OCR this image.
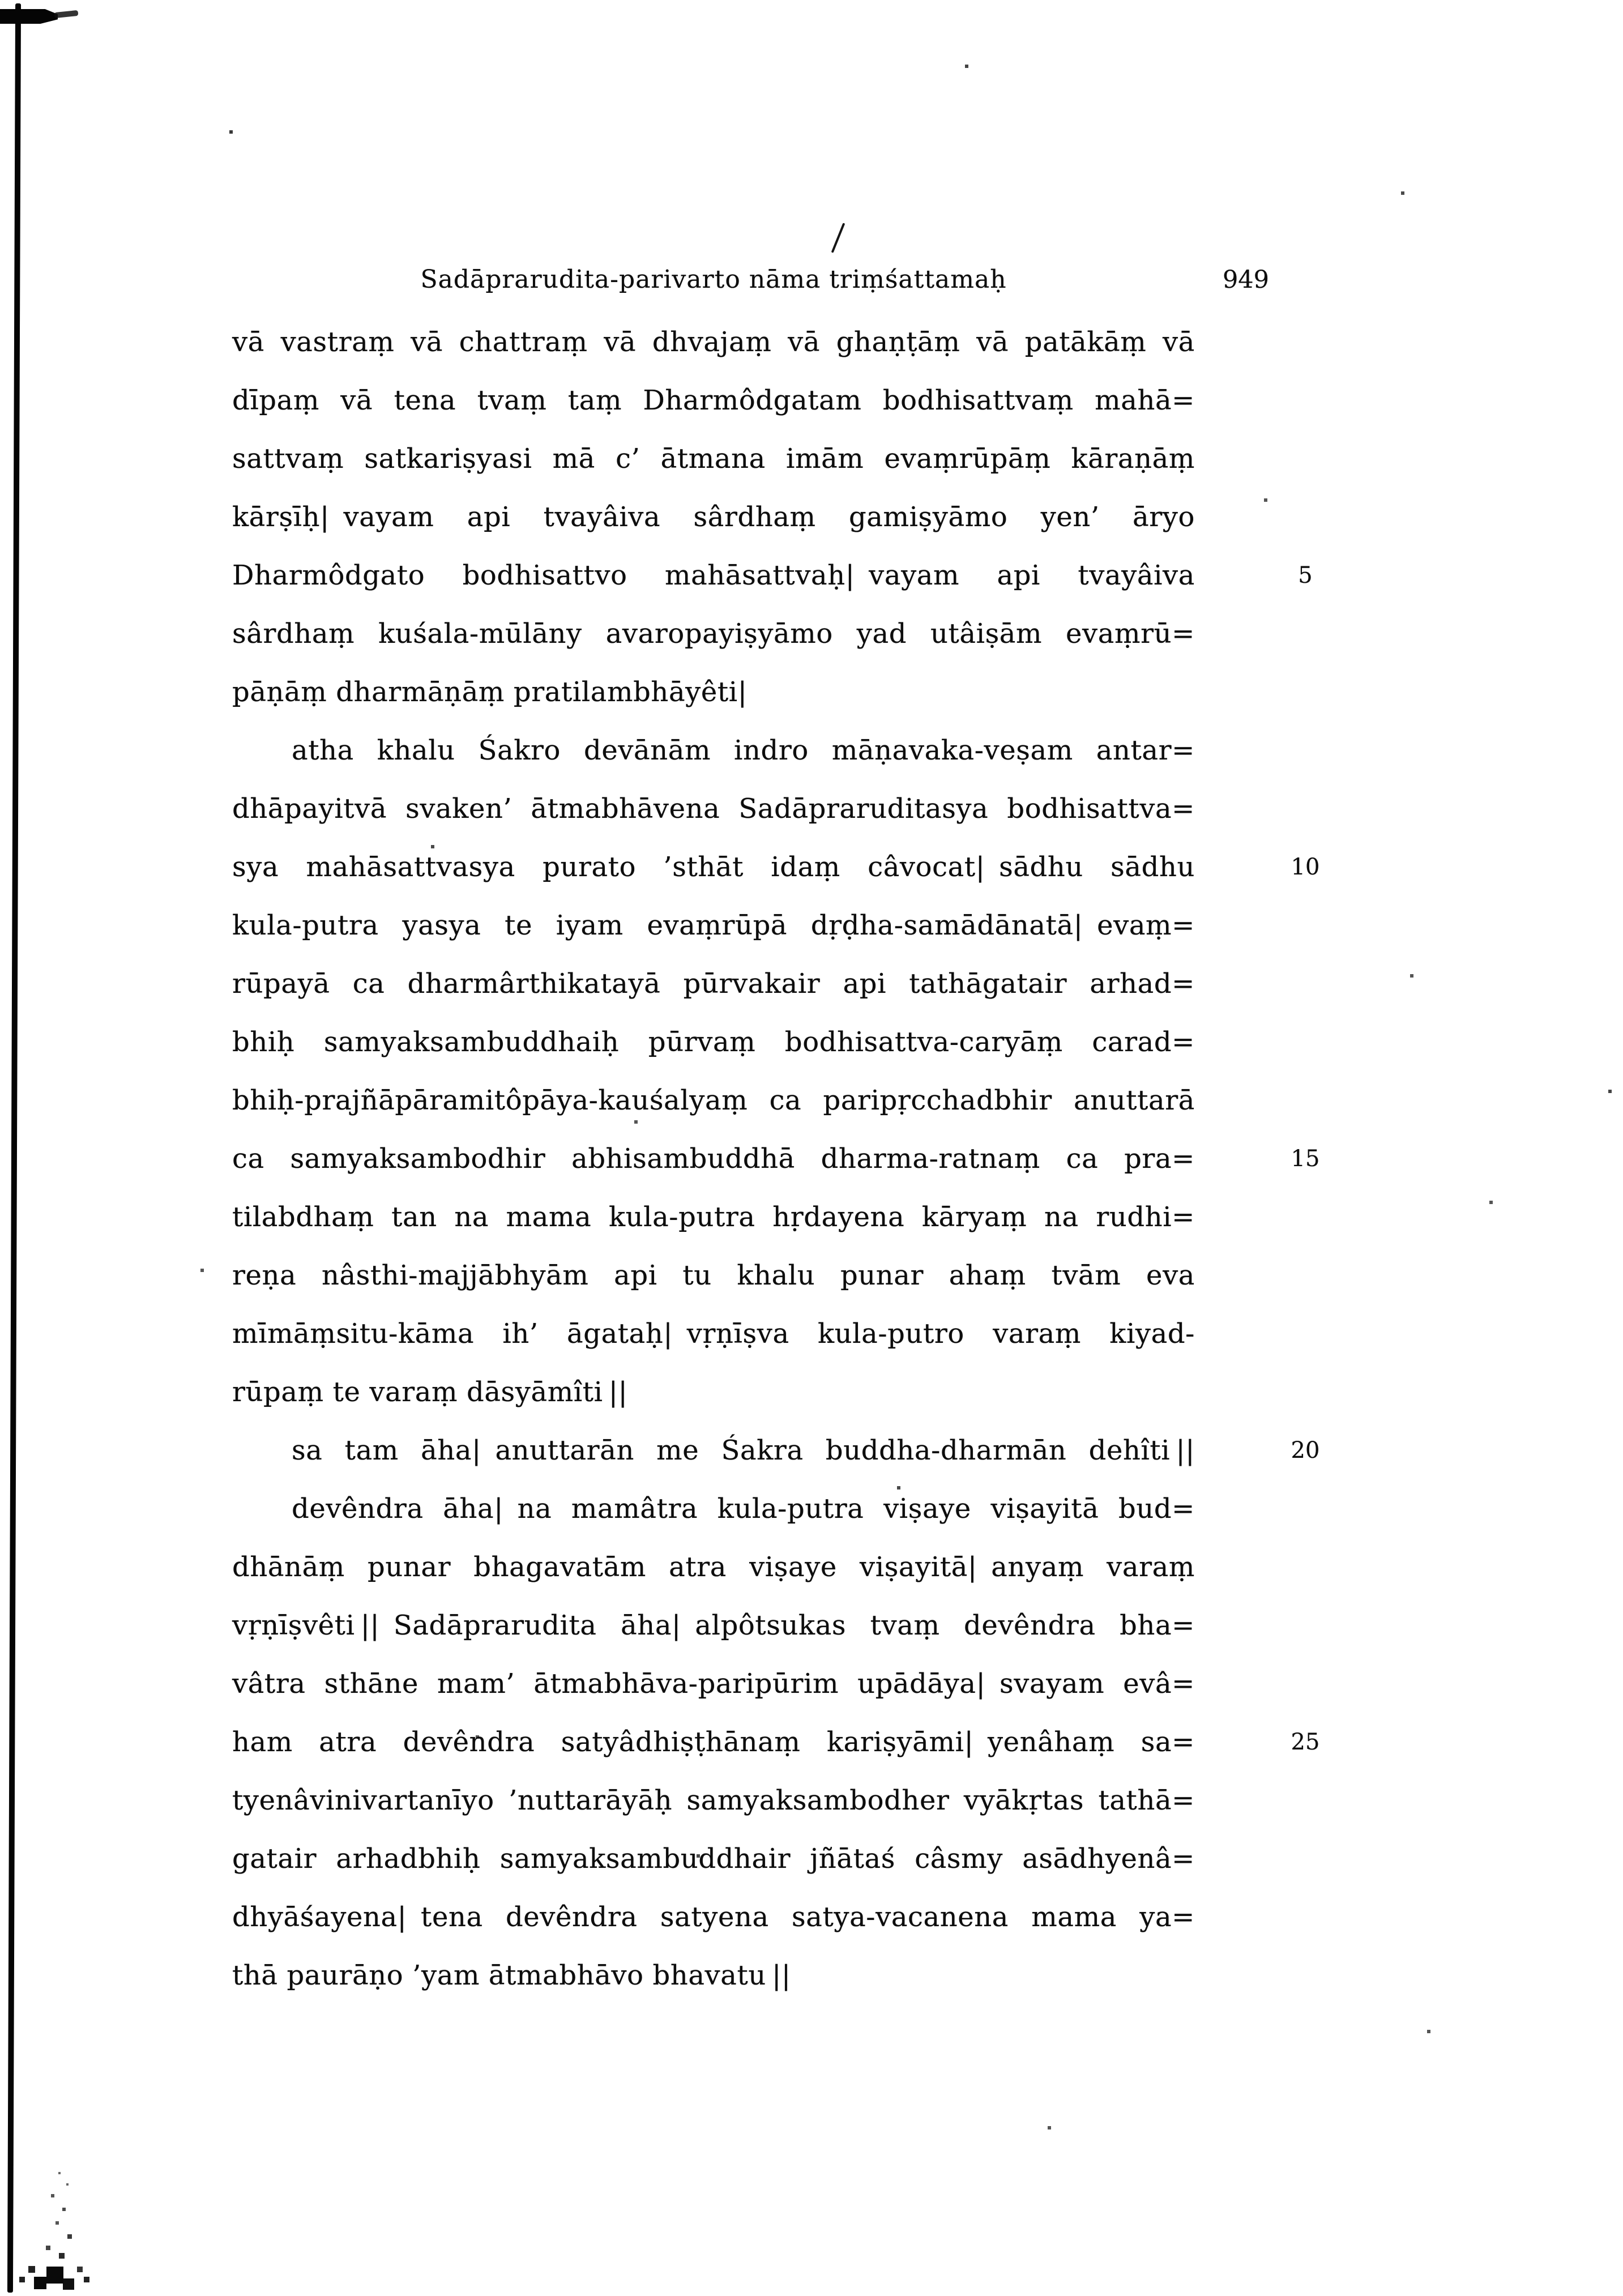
Sadāprarudita-parivarto nāma triṃśattamaḥ	949
vā vastraṃ vā chattraṃ vā dhvajaṃ vā ghaṇṭāṃ vā patākāṃ vā
dīpaṃ vā tena tvaṃ taṃ Dharmôdgatam bodhisattvaṃ mahā=
sattvaṃ satkariṣyasi mā c’ ātmana imām evaṃrūpāṃ kāraṇāṃ
kārṣīḥ| vayam api tvayâiva sârdhaṃ gamiṣyāmo yen’ āryo
Dharmôdgato bodhisattvo mahāsattvaḥ| vayam api tvayâiva
sârdhaṃ kuśala-mūlāny avaropayiṣyāmo yad utâiṣām evaṃrū=
pāṇāṃ dharmāṇāṃ pratilambhāyêti|
atha khalu Śakro devānām indro māṇavaka-veṣam antar=
dhāpayitvā svaken’ ātmabhāvena Sadāpraruditasya bodhisattva=
sya mahāsattvasya purato ’sthāt idaṃ câvocat| sādhu sādhu
kula-putra yasya te iyam evaṃrūpā dṛḍha-samādānatā| evaṃ=
rūpayā ca dharmârthikatayā pūrvakair api tathāgatair arhad=
bhiḥ samyaksambuddhaiḥ pūrvaṃ bodhisattva-caryāṃ carad=
bhiḥ-prajñāpāramitôpāya-kauśalyaṃ ca paripṛcchadbhir anuttarā
ca samyaksambodhir abhisambuddhā dharma-ratnaṃ ca pra=
tilabdhaṃ tan na mama kula-putra hṛdayena kāryaṃ na rudhi=
reṇa nâsthi-majjābhyām api tu khalu punar ahaṃ tvām eva
mīmāṃsitu-kāma ih’ āgataḥ| vṛṇīṣva kula-putro varaṃ kiyad-
rūpaṃ te varaṃ dāsyāmîti ||
sa tam āha| anuttarān me Śakra buddha-dharmān dehîti ||
devêndra āha| na mamâtra kula-putra viṣaye viṣayitā bud=
dhānāṃ punar bhagavatām atra viṣaye viṣayitā| anyaṃ varaṃ
vṛṇīṣvêti || Sadāprarudita āha| alpôtsukas tvaṃ devêndra bha=
vâtra sthāne mam’ ātmabhāva-paripūrim upādāya| svayam evâ=
ham atra devêndra satyâdhiṣṭhānaṃ kariṣyāmi| yenâhaṃ sa=
tyenâvinivartanīyo ’nuttarāyāḥ samyaksambodher vyākṛtas tathā=
gatair arhadbhiḥ samyaksambuddhair jñātaś câsmy asādhyenâ=
dhyāśayena| tena devêndra satyena satya-vacanena mama ya=
thā paurāṇo ’yam ātmabhāvo bhavatu ||
5
10
15
20
25
